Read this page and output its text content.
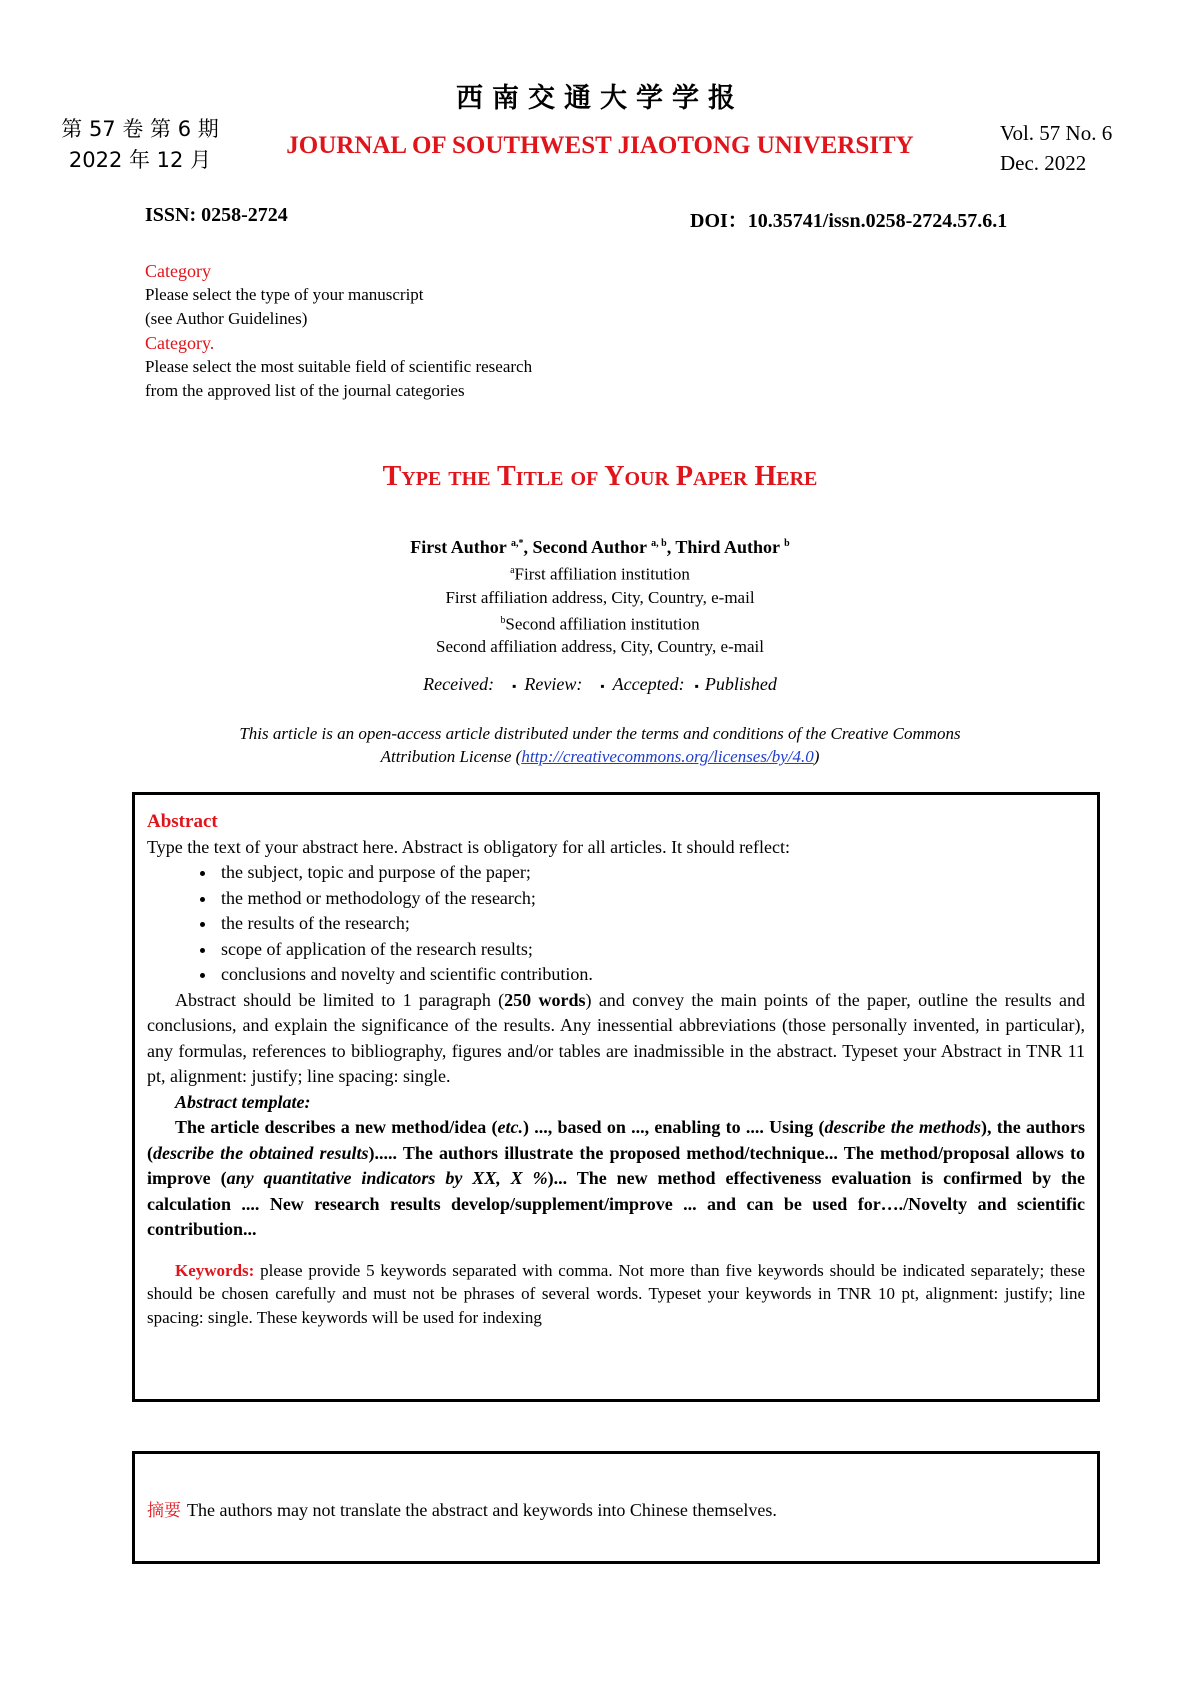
西南交通大学学报
第 57 卷 第 6 期
2022 年 12 月
JOURNAL OF SOUTHWEST JIAOTONG UNIVERSITY	Vol. 57 No. 6
Dec. 2022
ISSN: 0258-2724	DOI：10.35741/issn.0258-2724.57.6.1
Category
Please select the type of your manuscript
(see Author Guidelines)
Category.
Please select the most suitable field of scientific research
from the approved list of the journal categories
Type the Title of Your Paper Here
First Author $^{a,*}$, Second Author $^{a, b}$, Third Author $^b$
$^a$First affiliation institution
First affiliation address, City, Country, e-mail
$^b$Second affiliation institution
Second affiliation address, City, Country, e-mail
Received: ▪ Review: ▪ Accepted: ▪ Published
This article is an open-access article distributed under the terms and conditions of the Creative Commons
Attribution License (http://creativecommons.org/licenses/by/4.0)
Abstract

Type the text of your abstract here. Abstract is obligatory for all articles. It should reflect:

• the subject, topic and purpose of the paper;
• the method or methodology of the research;
• the results of the research;
• scope of application of the research results;
• conclusions and novelty and scientific contribution.

Abstract should be limited to 1 paragraph (250 words) and convey the main points of the paper, outline the results and conclusions, and explain the significance of the results. Any inessential abbreviations (those personally invented, in particular), any formulas, references to bibliography, figures and/or tables are inadmissible in the abstract. Typeset your Abstract in TNR 11 pt, alignment: justify; line spacing: single.

Abstract template:

The article describes a new method/idea (etc.) ..., based on ..., enabling to .... Using (describe the methods), the authors (describe the obtained results)..... The authors illustrate the proposed method/technique... The method/proposal allows to improve (any quantitative indicators by XX, X %)... The new method effectiveness evaluation is confirmed by the calculation .... New research results develop/supplement/improve ... and can be used for…./Novelty and scientific contribution...

Keywords: please provide 5 keywords separated with comma. Not more than five keywords should be indicated separately; these should be chosen carefully and must not be phrases of several words. Typeset your keywords in TNR 10 pt, alignment: justify; line spacing: single. These keywords will be used for indexing

摘要 The authors may not translate the abstract and keywords into Chinese themselves.
